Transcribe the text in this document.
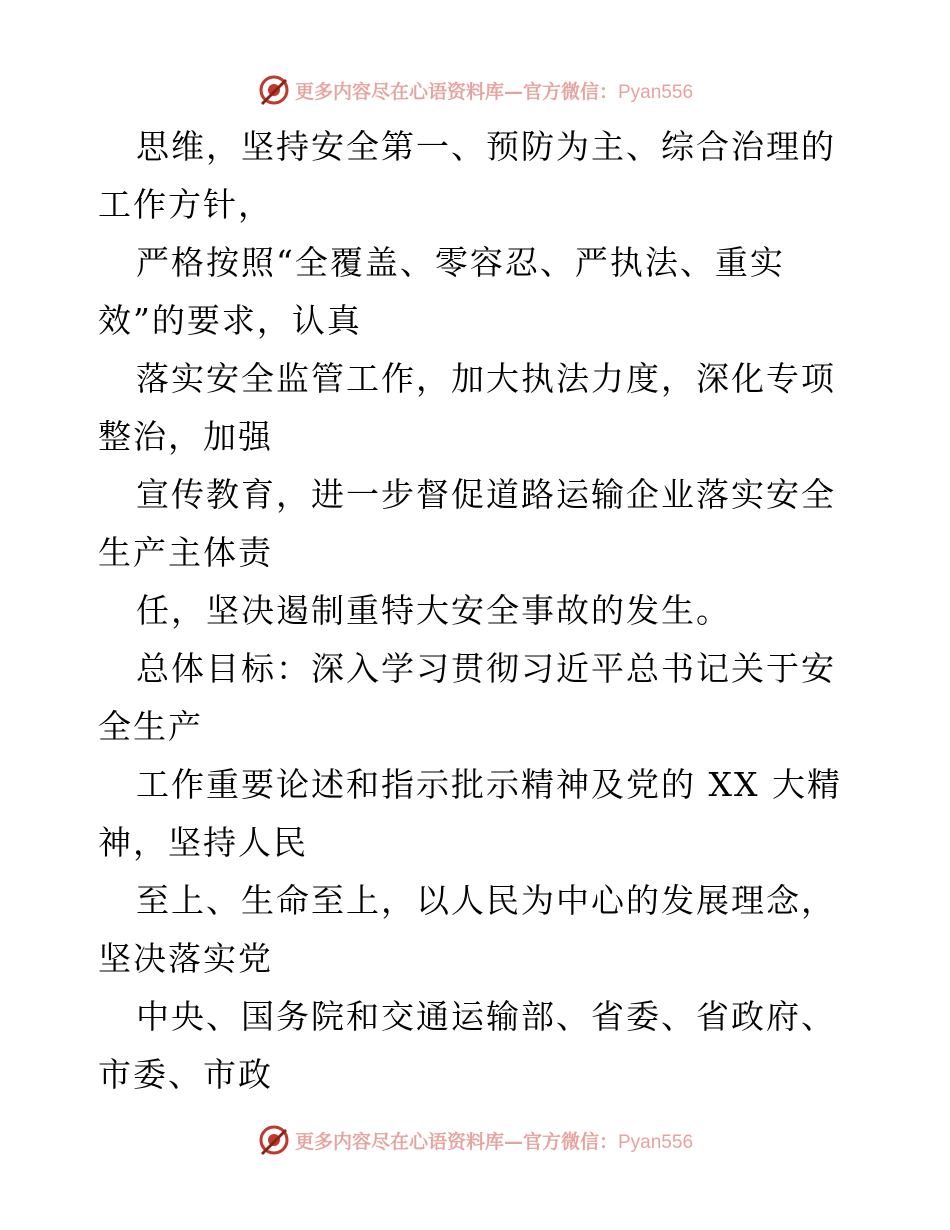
更多内容尽在心语资料库—官方微信：Pyan556

思维，坚持安全第一、预防为主、综合治理的工作方针，

严格按照“全覆盖、零容忍、严执法、重实效”的要求，认真

落实安全监管工作，加大执法力度，深化专项整治，加强

宣传教育，进一步督促道路运输企业落实安全生产主体责

任，坚决遏制重特大安全事故的发生。

总体目标：深入学习贯彻习近平总书记关于安全生产

工作重要论述和指示批示精神及党的 XX 大精神，坚持人民

至上、生命至上，以人民为中心的发展理念，坚决落实党

中央、国务院和交通运输部、省委、省政府、市委、市政

更多内容尽在心语资料库—官方微信：Pyan556
